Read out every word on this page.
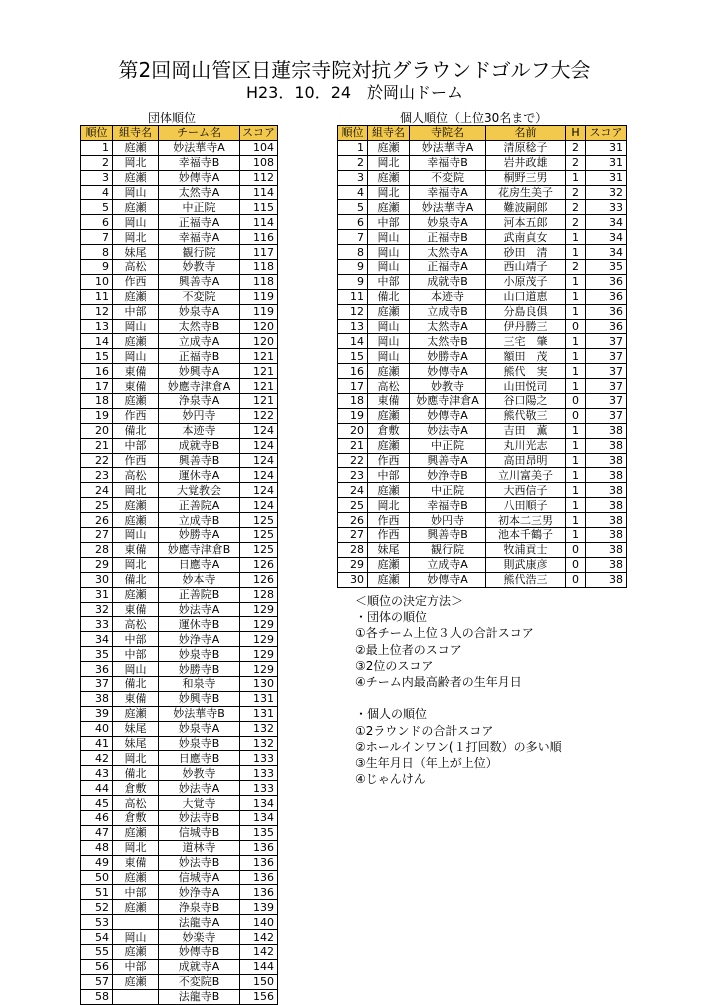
第2回岡山管区日蓮宗寺院対抗グラウンドゴルフ大会
H23．10．24　於岡山ドーム
団体順位	個人順位（上位30名まで）
順位	組寺名	チーム名	スコア
1	庭瀬	妙法華寺A	104
2	岡北	幸福寺B	108
3	庭瀬	妙傳寺A	112
4	岡山	太然寺A	114
5	庭瀬	中正院	115
6	岡山	正福寺A	114
7	岡北	幸福寺A	116
8	妹尾	観行院	117
9	高松	妙教寺	118
10	作西	興善寺A	118
11	庭瀬	不変院	119
12	中部	妙泉寺A	119
13	岡山	太然寺B	120
14	庭瀬	立成寺A	120
15	岡山	正福寺B	121
16	東備	妙興寺A	121
17	東備	妙應寺津倉A	121
18	庭瀬	浄泉寺A	121
19	作西	妙円寺	122
20	備北	本迹寺	124
21	中部	成就寺B	124
22	作西	興善寺B	124
23	高松	運休寺A	124
24	岡北	大覚教会	124
25	庭瀬	正善院A	124
26	庭瀬	立成寺B	125
27	岡山	妙勝寺A	125
28	東備	妙應寺津倉B	125
29	岡北	日應寺A	126
30	備北	妙本寺	126
31	庭瀬	正善院B	128
32	東備	妙法寺A	129
33	高松	運休寺B	129
34	中部	妙浄寺A	129
35	中部	妙泉寺B	129
36	岡山	妙勝寺B	129
37	備北	和泉寺	130
38	東備	妙興寺B	131
39	庭瀬	妙法華寺B	131
40	妹尾	妙泉寺A	132
41	妹尾	妙泉寺B	132
42	岡北	日應寺B	133
43	備北	妙教寺	133
44	倉敷	妙法寺A	133
45	高松	大覚寺	134
46	倉敷	妙法寺B	134
47	庭瀬	信城寺B	135
48	岡北	道林寺	136
49	東備	妙法寺B	136
50	庭瀬	信城寺A	136
51	中部	妙浄寺A	136
52	庭瀬	浄泉寺B	139
53		法龍寺A	140
54	岡山	妙楽寺	142
55	庭瀬	妙傳寺B	142
56	中部	成就寺A	144
57	庭瀬	不変院B	150
58		法龍寺B	156
順位	組寺名	寺院名	名前	H	スコア
1	庭瀬	妙法華寺A	清原稔子	2	31
2	岡北	幸福寺B	岩井政雄	2	31
3	庭瀬	不変院	桐野三男	1	31
4	岡北	幸福寺A	花房生美子	2	32
5	庭瀬	妙法華寺A	難波嗣郎	2	33
6	中部	妙泉寺A	河本五郎	2	34
7	岡山	正福寺B	武南貞女	1	34
8	岡山	太然寺A	砂田　清	1	34
9	岡山	正福寺A	西山靖子	2	35
9	中部	成就寺B	小原茂子	1	36
11	備北	本迹寺	山口道恵	1	36
12	庭瀬	立成寺B	分島良俱	1	36
13	岡山	太然寺A	伊丹勝三	0	36
14	岡山	太然寺B	三宅　肇	1	37
15	岡山	妙勝寺A	額田　茂	1	37
16	庭瀬	妙傳寺A	熊代　実	1	37
17	高松	妙教寺	山田悦司	1	37
18	東備	妙應寺津倉A	谷口陽之	0	37
19	庭瀬	妙傳寺A	熊代敬三	0	37
20	倉敷	妙法寺A	吉田　薫	1	38
21	庭瀬	中正院	丸川光志	1	38
22	作西	興善寺A	高田昂明	1	38
23	中部	妙浄寺B	立川富美子	1	38
24	庭瀬	中正院	大西信子	1	38
25	岡北	幸福寺B	八田順子	1	38
26	作西	妙円寺	初本二三男	1	38
27	作西	興善寺B	池本千鶴子	1	38
28	妹尾	観行院	牧浦貢士	0	38
29	庭瀬	立成寺A	則武康彦	0	38
30	庭瀬	妙傳寺A	熊代浩三	0	38
＜順位の決定方法＞
・団体の順位
①各チーム上位３人の合計スコア
②最上位者のスコア
③2位のスコア
④チーム内最高齢者の生年月日
・個人の順位
①2ラウンドの合計スコア
②ホールインワン(１打回数）の多い順
③生年月日（年上が上位）
④じゃんけん
